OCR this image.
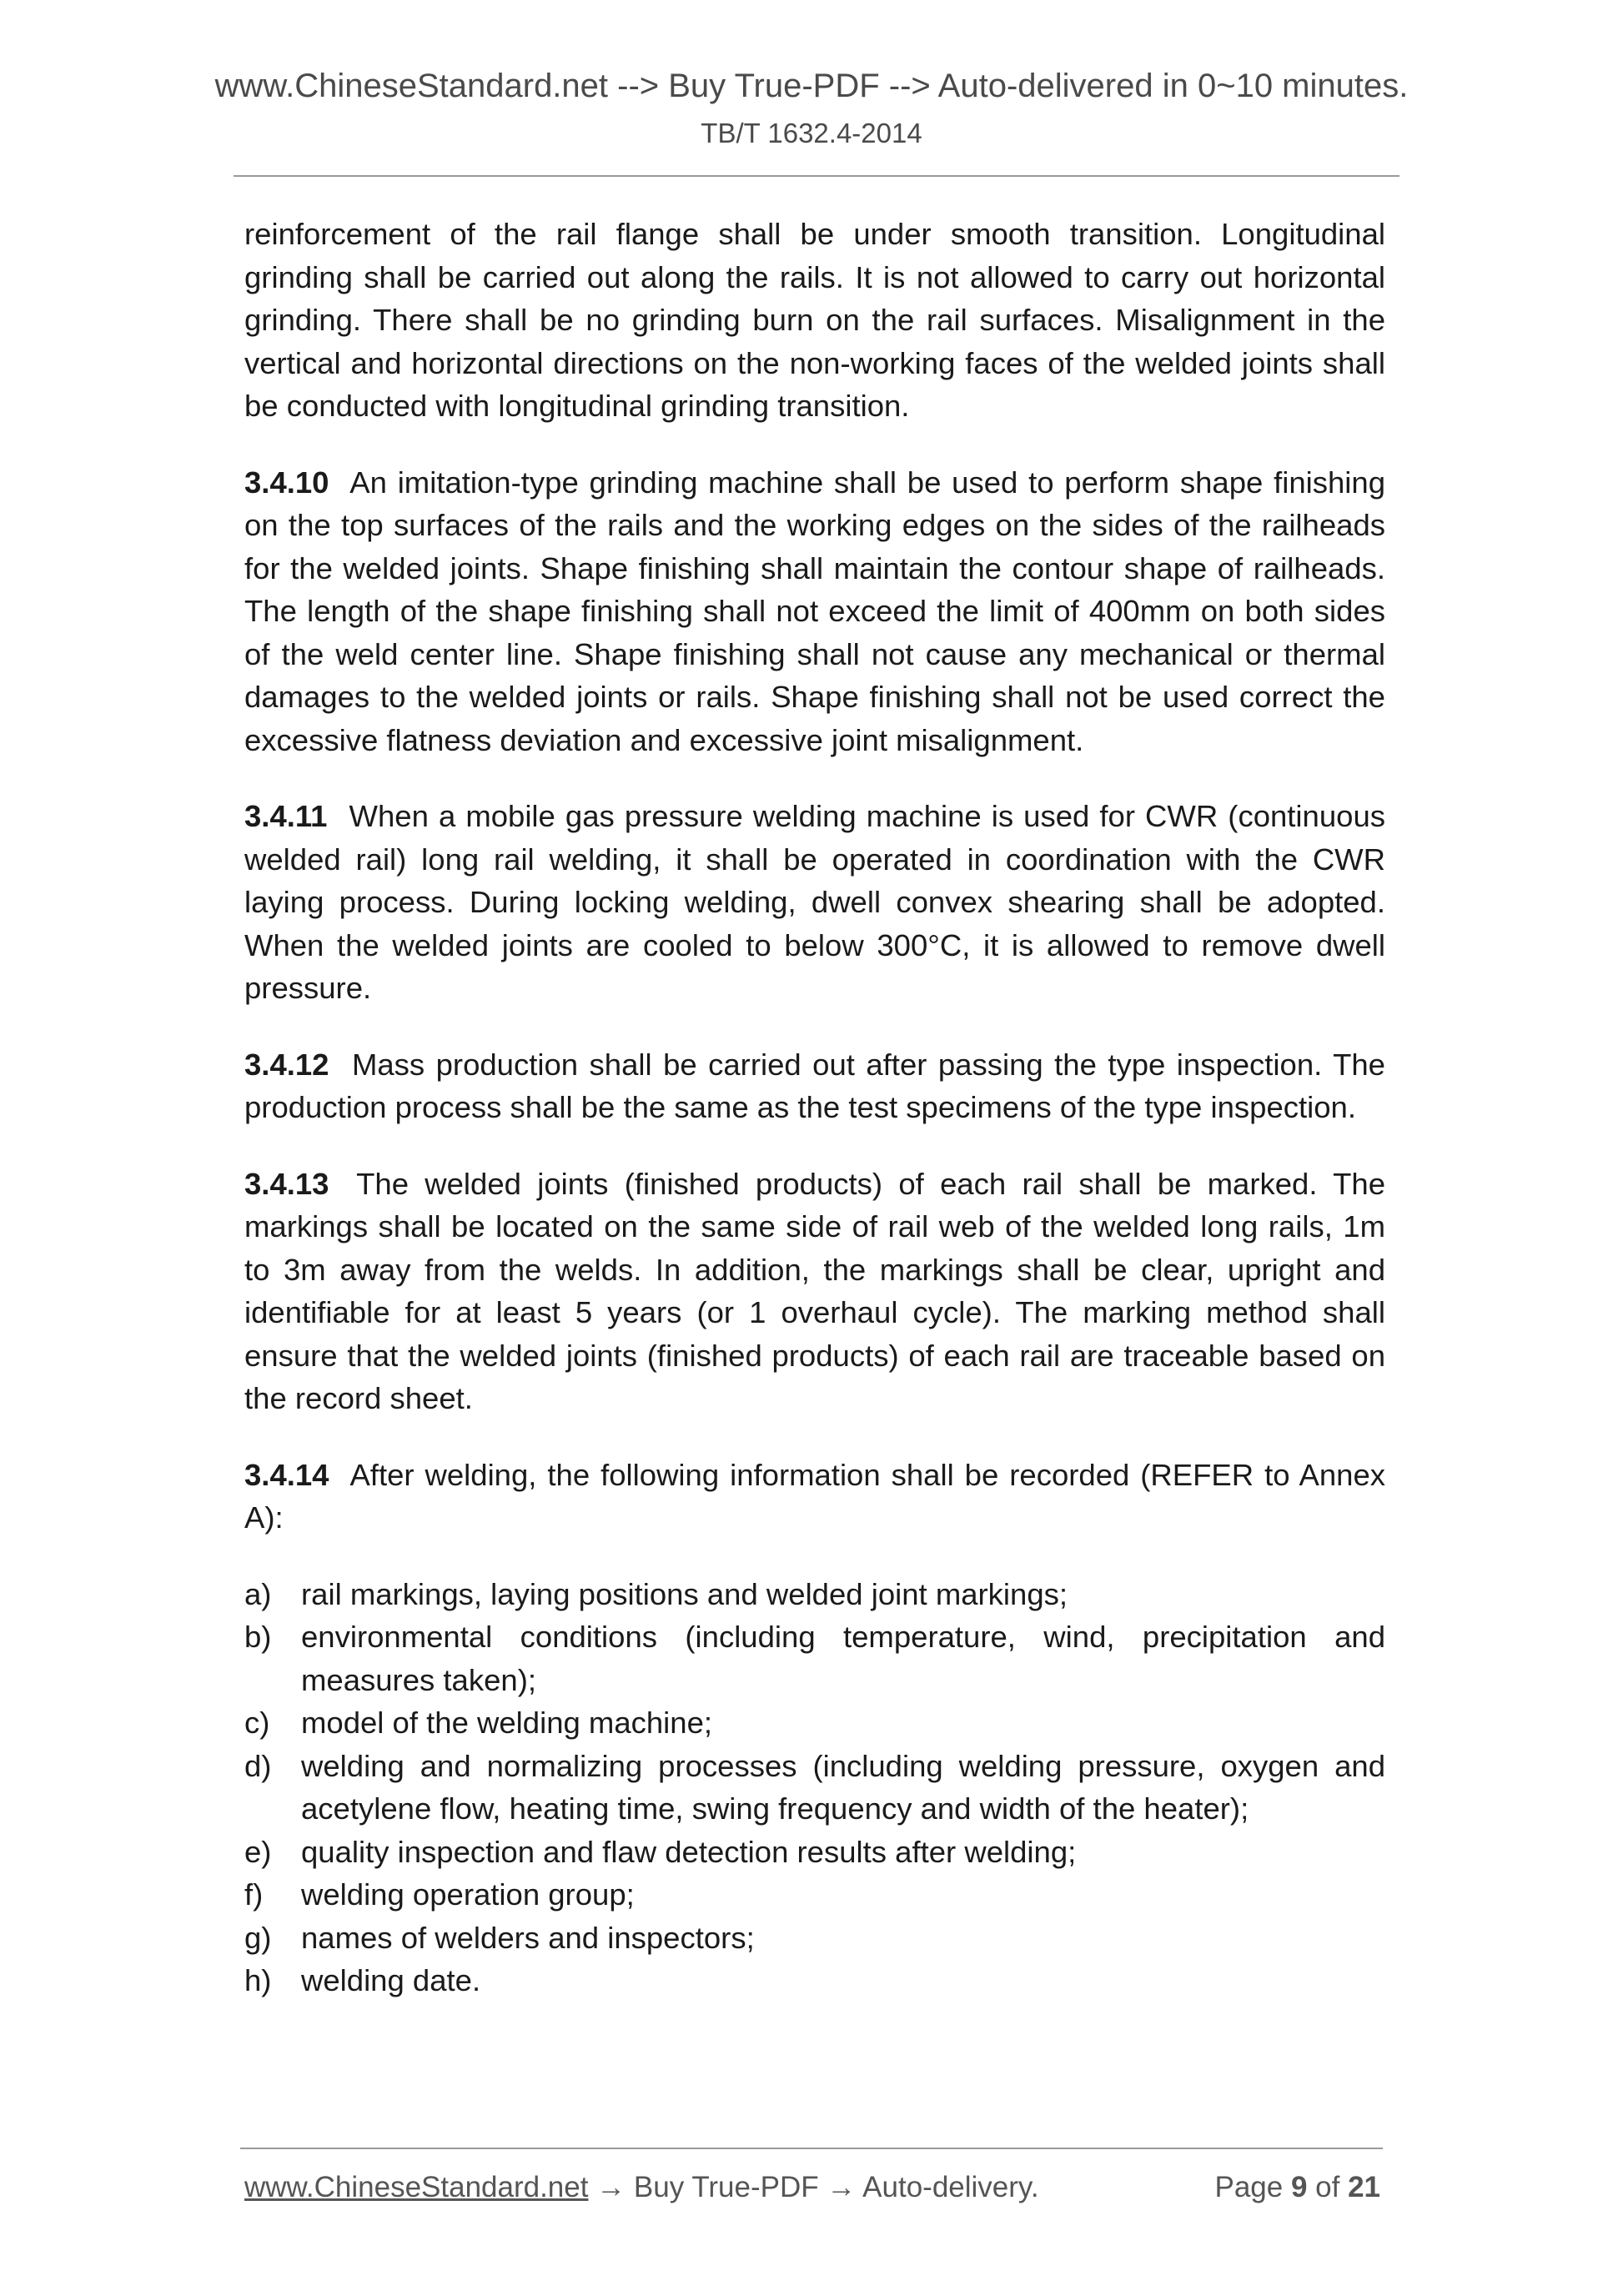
www.ChineseStandard.net --> Buy True-PDF --> Auto-delivered in 0~10 minutes.
TB/T 1632.4-2014

reinforcement of the rail flange shall be under smooth transition. Longitudinal grinding shall be carried out along the rails. It is not allowed to carry out horizontal grinding. There shall be no grinding burn on the rail surfaces. Misalignment in the vertical and horizontal directions on the non-working faces of the welded joints shall be conducted with longitudinal grinding transition.

3.4.10 An imitation-type grinding machine shall be used to perform shape finishing on the top surfaces of the rails and the working edges on the sides of the railheads for the welded joints. Shape finishing shall maintain the contour shape of railheads. The length of the shape finishing shall not exceed the limit of 400mm on both sides of the weld center line. Shape finishing shall not cause any mechanical or thermal damages to the welded joints or rails. Shape finishing shall not be used correct the excessive flatness deviation and excessive joint misalignment.

3.4.11 When a mobile gas pressure welding machine is used for CWR (continuous welded rail) long rail welding, it shall be operated in coordination with the CWR laying process. During locking welding, dwell convex shearing shall be adopted. When the welded joints are cooled to below 300°C, it is allowed to remove dwell pressure.

3.4.12 Mass production shall be carried out after passing the type inspection. The production process shall be the same as the test specimens of the type inspection.

3.4.13 The welded joints (finished products) of each rail shall be marked. The markings shall be located on the same side of rail web of the welded long rails, 1m to 3m away from the welds. In addition, the markings shall be clear, upright and identifiable for at least 5 years (or 1 overhaul cycle). The marking method shall ensure that the welded joints (finished products) of each rail are traceable based on the record sheet.

3.4.14 After welding, the following information shall be recorded (REFER to Annex A):

a) rail markings, laying positions and welded joint markings;
b) environmental conditions (including temperature, wind, precipitation and measures taken);
c)	model of the welding machine;
d) welding and normalizing processes (including welding pressure, oxygen and acetylene flow, heating time, swing frequency and width of the heater);
e) quality inspection and flaw detection results after welding;
f)	welding operation group;
g) names of welders and inspectors;
h) welding date.
www.ChineseStandard.net → Buy True-PDF → Auto-delivery.	Page 9 of 21
